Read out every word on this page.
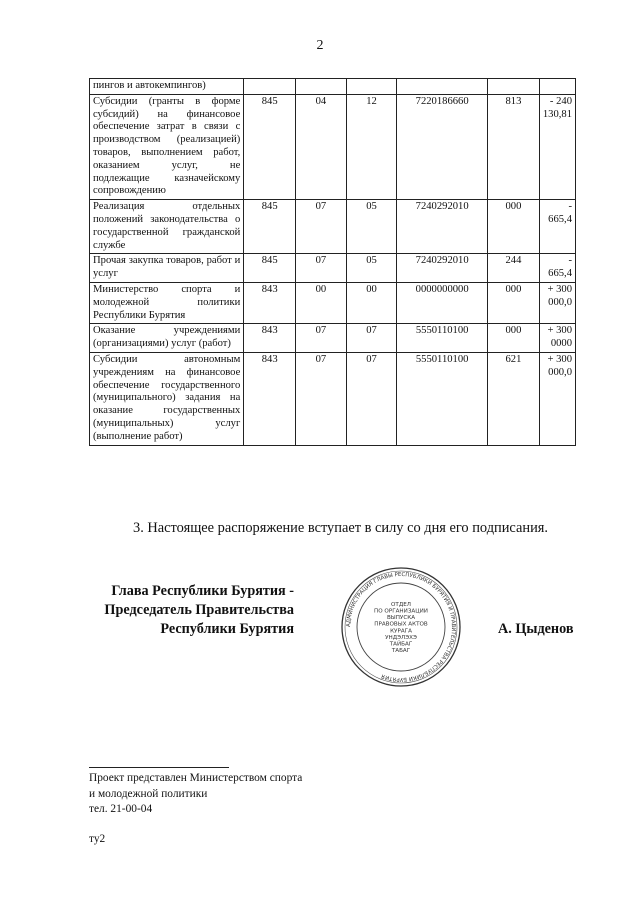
2
пингов и автокемпингов)						
Субсидии (гранты в форме субсидий) на финансовое обеспечение затрат в связи с производством (реализацией) товаров, выполнением работ, оказанием услуг, не подлежащие казначейскому сопровождению	845	04	12	7220186660	813	- 240 130,81
Реализация отдельных положений законодательства о государственной гражданской службе	845	07	05	7240292010	000	- 665,4
Прочая закупка товаров, работ и услуг	845	07	05	7240292010	244	- 665,4
Министерство спорта и молодежной политики Республики Бурятия	843	00	00	0000000000	000	+ 300 000,0
Оказание учреждениями (организациями) услуг (работ)	843	07	07	5550110100	000	+ 300 0000
Субсидии автономным учреждениям на финансовое обеспечение государственного (муниципального) задания на оказание государственных (муниципальных) услуг (выполнение работ)	843	07	07	5550110100	621	+ 300 000,0
3. Настоящее распоряжение вступает в силу со дня его подписания.
Глава Республики Бурятия -
Председатель Правительства
Республики Бурятия	АДМИНИСТРАЦИЯ ГЛАВЫ РЕСПУБЛИКИ БУРЯТИЯ И ПРАВИТЕЛЬСТВА РЕСПУБЛИКИ БУРЯТИЯ
ОТДЕЛ
ПО ОРГАНИЗАЦИИ
ВЫПУСКА
ПРАВОВЫХ АКТОВ
КУРАГА
УНДЭЛЭХЭ
ТАЙБАГ
ТАБАГ
А. Цыденов
Проект представлен Министерством спорта
и молодежной политики
тел. 21-00-04
ту2
